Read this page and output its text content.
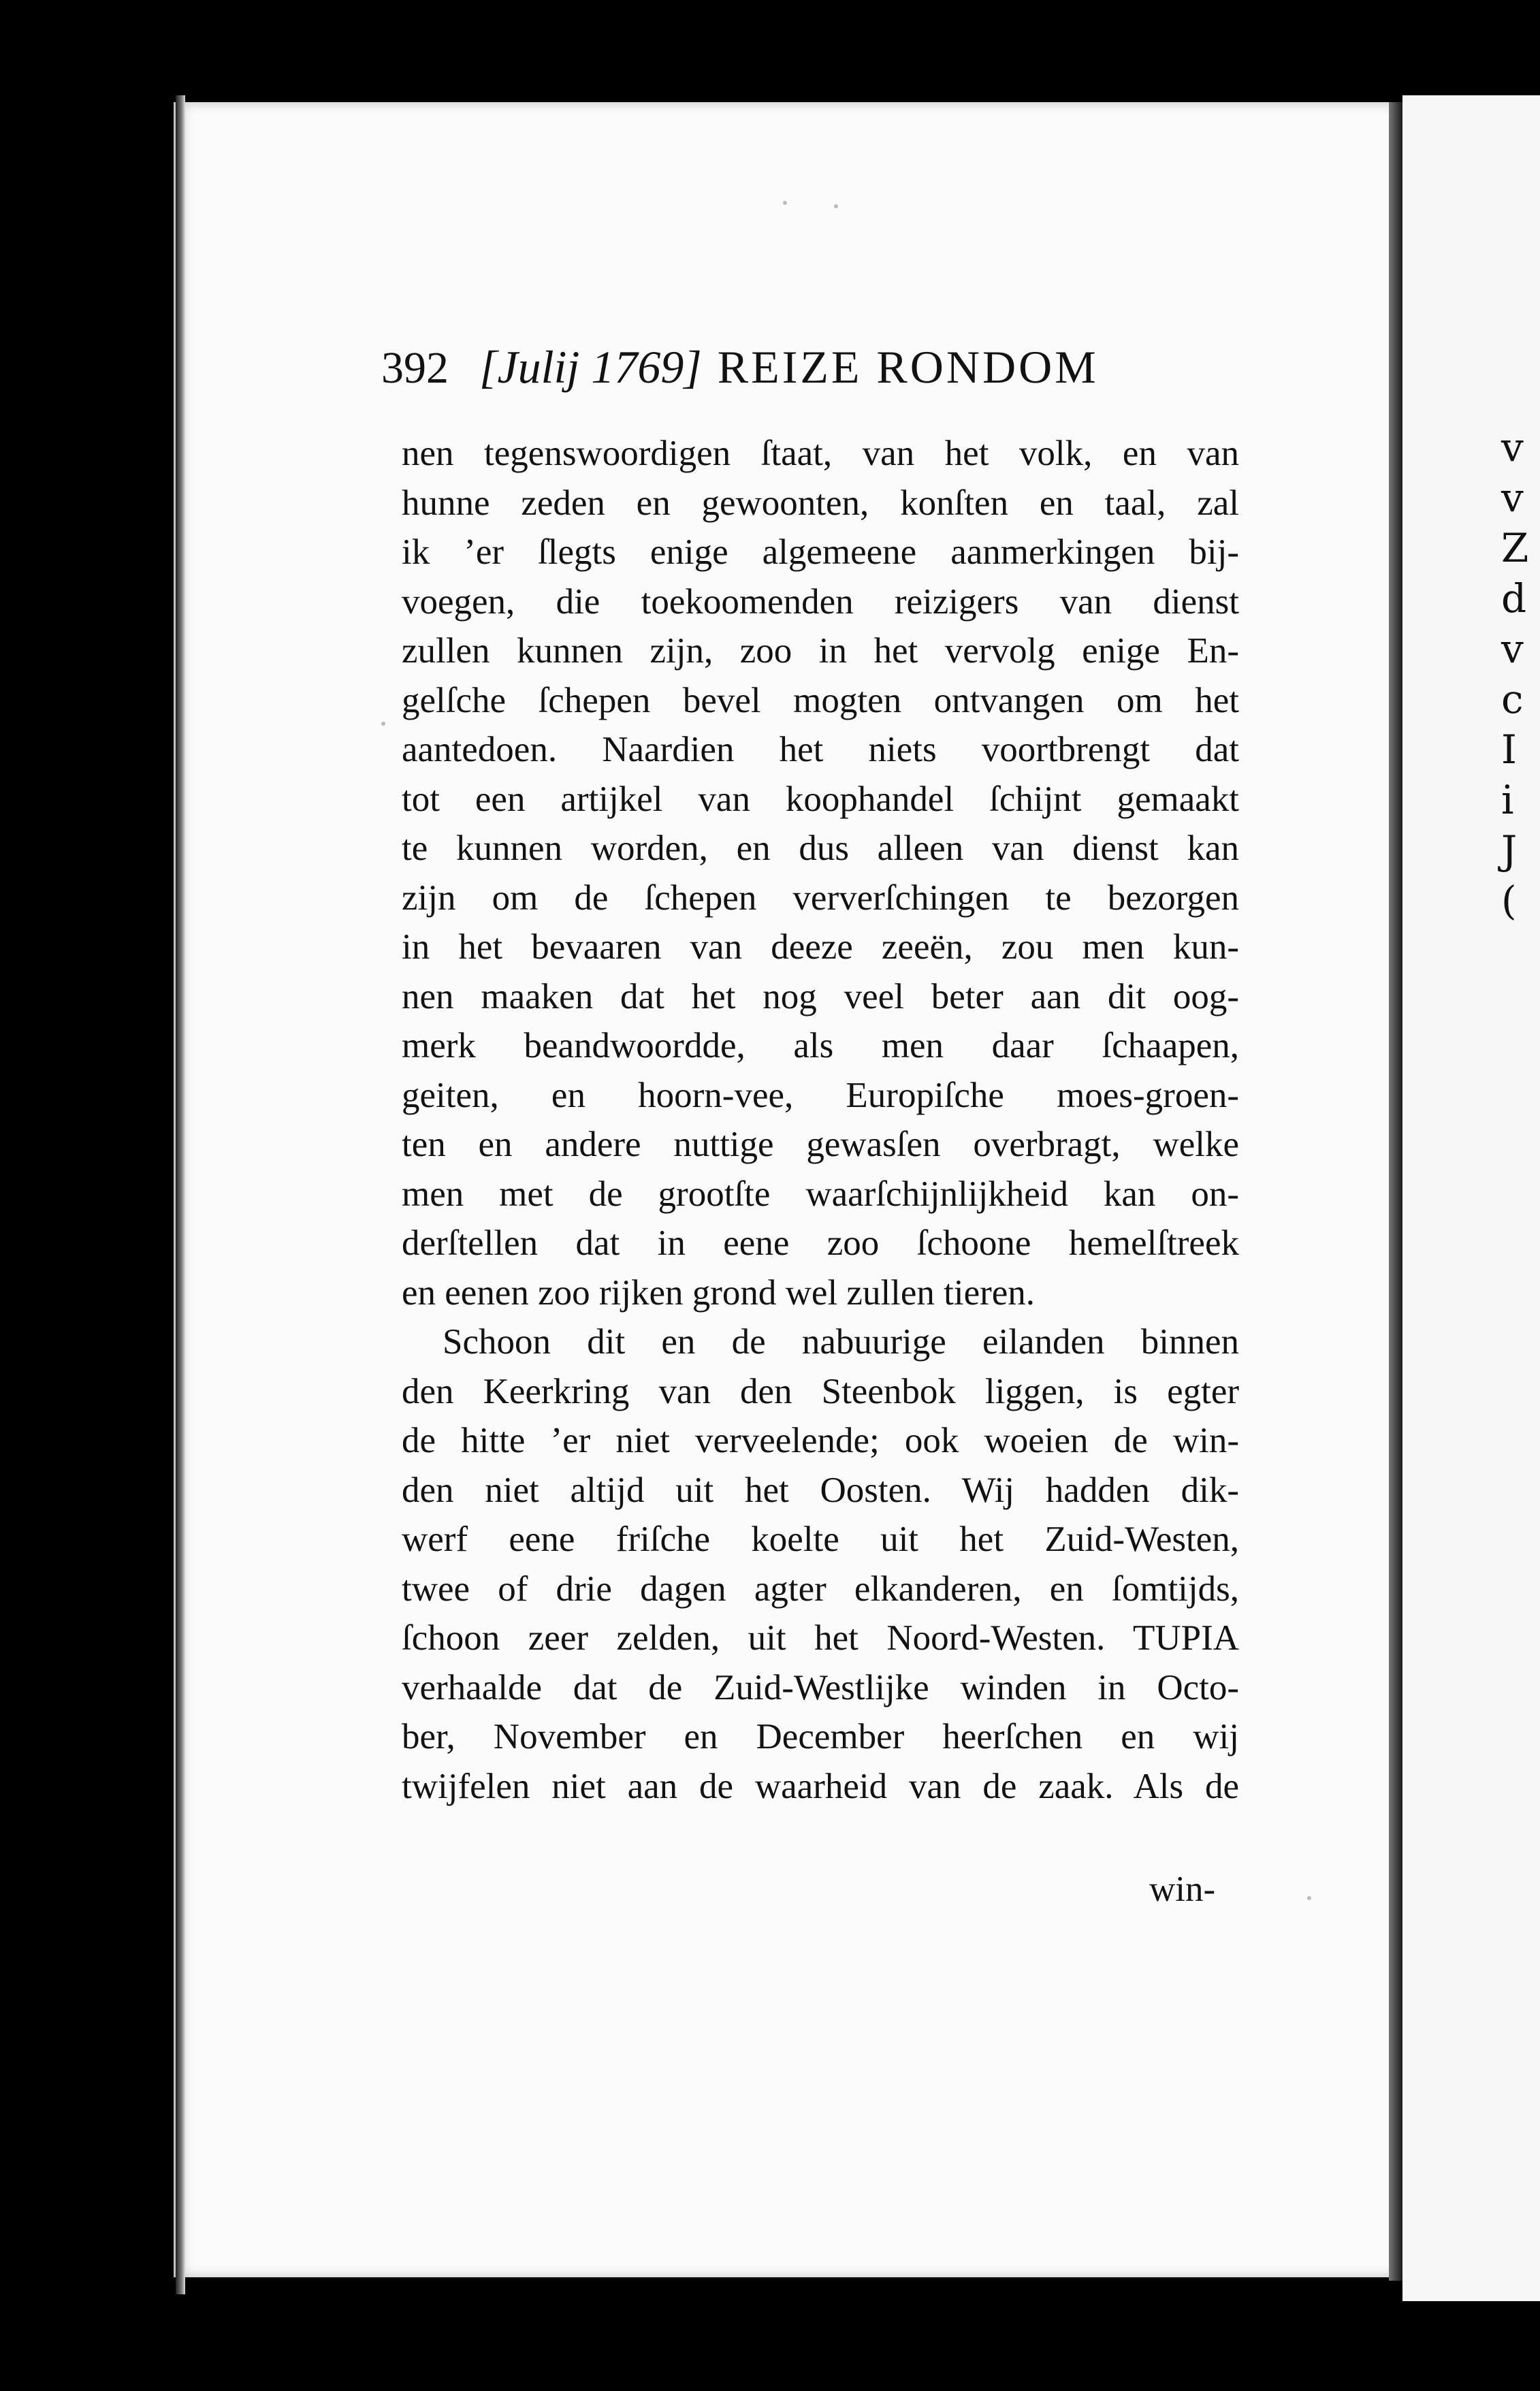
v
v
Z
d
v
c
I
i
J
(
392 [Julij 1769] REIZE RONDOM
nen tegenswoordigen ſtaat, van het volk, en van
hunne zeden en gewoonten, konſten en taal, zal
ik ’er ſlegts enige algemeene aanmerkingen bij-
voegen, die toekoomenden reizigers van dienst
zullen kunnen zijn, zoo in het vervolg enige En-
gelſche ſchepen bevel mogten ontvangen om het
aantedoen. Naardien het niets voortbrengt dat
tot een artijkel van koophandel ſchijnt gemaakt
te kunnen worden, en dus alleen van dienst kan
zijn om de ſchepen ververſchingen te bezorgen
in het bevaaren van deeze zeeën, zou men kun-
nen maaken dat het nog veel beter aan dit oog-
merk beandwoordde, als men daar ſchaapen,
geiten, en hoorn-vee, Europiſche moes-groen-
ten en andere nuttige gewasſen overbragt, welke
men met de grootſte waarſchijnlijkheid kan on-
derſtellen dat in eene zoo ſchoone hemelſtreek
en eenen zoo rijken grond wel zullen tieren.
Schoon dit en de nabuurige eilanden binnen
den Keerkring van den Steenbok liggen, is egter
de hitte ’er niet verveelende; ook woeien de win-
den niet altijd uit het Oosten. Wij hadden dik-
werf eene friſche koelte uit het Zuid-Westen,
twee of drie dagen agter elkanderen, en ſomtijds,
ſchoon zeer zelden, uit het Noord-Westen. TUPIA
verhaalde dat de Zuid-Westlijke winden in Octo-
ber, November en December heerſchen en wij
twijfelen niet aan de waarheid van de zaak. Als de
win-
